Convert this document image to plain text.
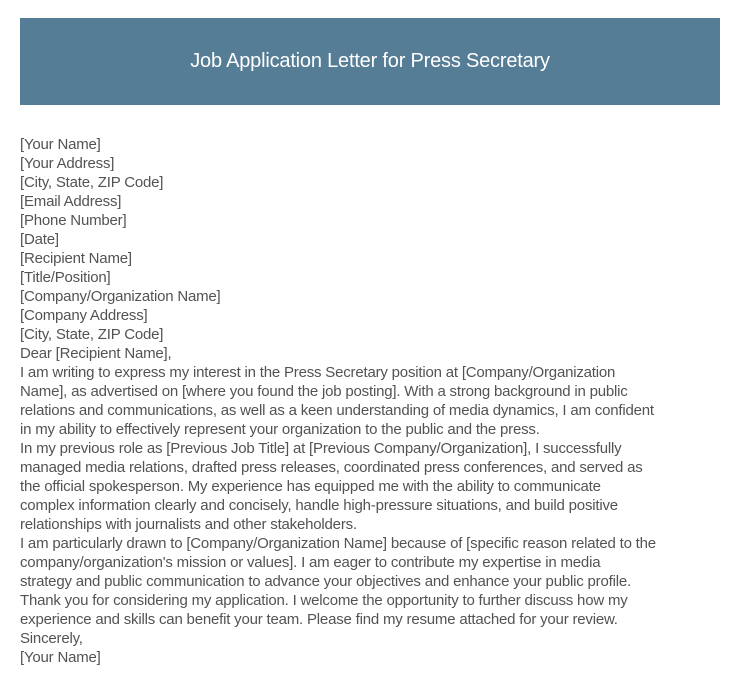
Job Application Letter for Press Secretary
[Your Name]
[Your Address]
[City, State, ZIP Code]
[Email Address]
[Phone Number]
[Date]
[Recipient Name]
[Title/Position]
[Company/Organization Name]
[Company Address]
[City, State, ZIP Code]
Dear [Recipient Name],
I am writing to express my interest in the Press Secretary position at [Company/Organization
Name], as advertised on [where you found the job posting]. With a strong background in public
relations and communications, as well as a keen understanding of media dynamics, I am confident
in my ability to effectively represent your organization to the public and the press.
In my previous role as [Previous Job Title] at [Previous Company/Organization], I successfully
managed media relations, drafted press releases, coordinated press conferences, and served as
the official spokesperson. My experience has equipped me with the ability to communicate
complex information clearly and concisely, handle high-pressure situations, and build positive
relationships with journalists and other stakeholders.
I am particularly drawn to [Company/Organization Name] because of [specific reason related to the
company/organization's mission or values]. I am eager to contribute my expertise in media
strategy and public communication to advance your objectives and enhance your public profile.
Thank you for considering my application. I welcome the opportunity to further discuss how my
experience and skills can benefit your team. Please find my resume attached for your review.
Sincerely,
[Your Name]
